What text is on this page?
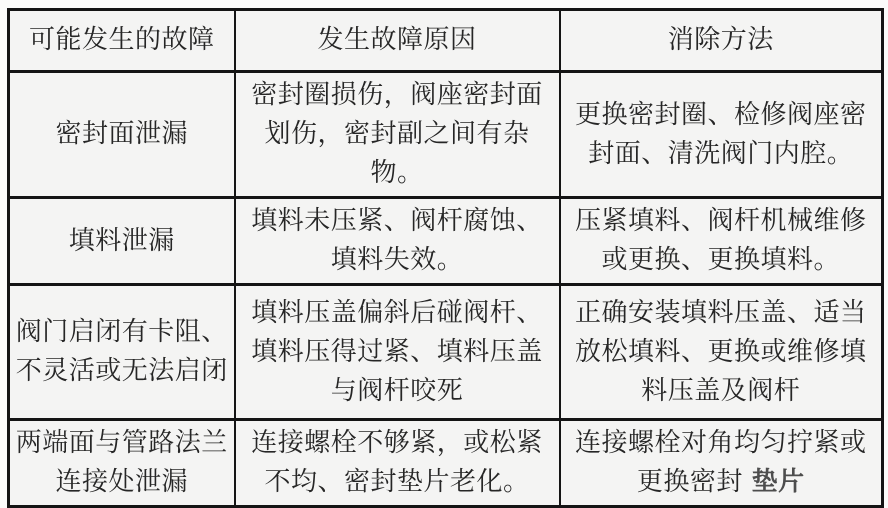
可能发生的故障	发生故障原因	消除方法
密封面泄漏	密封圈损伤，阀座密封面划伤，密封副之间有杂物。	更换密封圈、检修阀座密封面、清洗阀门内腔。
填料泄漏	填料未压紧、阀杆腐蚀、填料失效。	压紧填料、阀杆机械维修或更换、更换填料。
阀门启闭有卡阻、不灵活或无法启闭	填料压盖偏斜后碰阀杆、填料压得过紧、填料压盖与阀杆咬死	正确安装填料压盖、适当放松填料、更换或维修填料压盖及阀杆
两端面与管路法兰连接处泄漏	连接螺栓不够紧，或松紧不均、密封垫片老化。	连接螺栓对角均匀拧紧或更换密封 垫片
